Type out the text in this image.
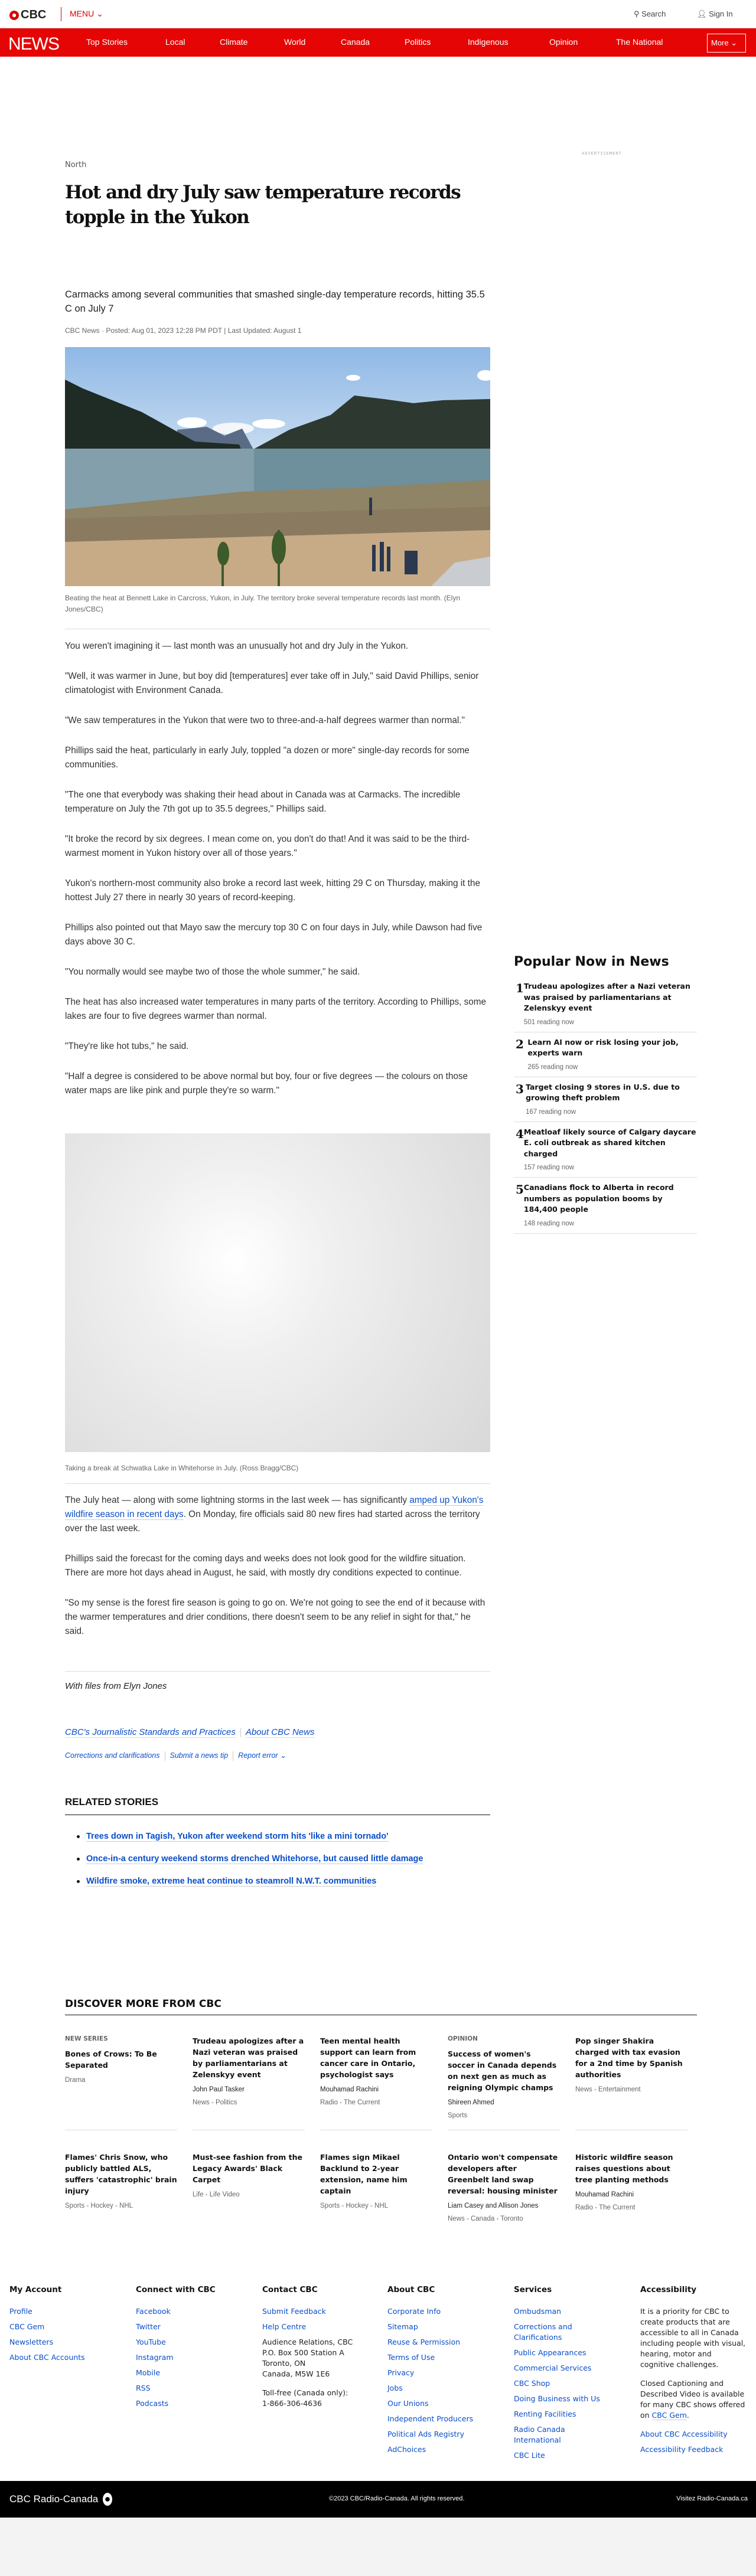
CBC	MENU ⌄	⚲ Search	👤︎ Sign In
NEWS	Top Stories	Local	Climate	World	Canada	Politics	Indigenous	Opinion	The National	More ⌄
ADVERTISEMENT
North
Hot and dry July saw temperature records topple in the Yukon
Carmacks among several communities that smashed single-day temperature records, hitting 35.5 C on July 7
CBC News · Posted: Aug 01, 2023 12:28 PM PDT | Last Updated: August 1
Beating the heat at Bennett Lake in Carcross, Yukon, in July. The territory broke several temperature records last month. (Elyn Jones/CBC)

You weren't imagining it — last month was an unusually hot and dry July in the Yukon.

"Well, it was warmer in June, but boy did [temperatures] ever take off in July," said David Phillips, senior climatologist with Environment Canada.

"We saw temperatures in the Yukon that were two to three-and-a-half degrees warmer than normal."

Phillips said the heat, particularly in early July, toppled "a dozen or more" single-day records for some communities.

"The one that everybody was shaking their head about in Canada was at Carmacks. The incredible temperature on July the 7th got up to 35.5 degrees," Phillips said.

"It broke the record by six degrees. I mean come on, you don't do that! And it was said to be the third-warmest moment in Yukon history over all of those years."

Yukon's northern-most community also broke a record last week, hitting 29 C on Thursday, making it the hottest July 27 there in nearly 30 years of record-keeping.

Phillips also pointed out that Mayo saw the mercury top 30 C on four days in July, while Dawson had five days above 30 C.

"You normally would see maybe two of those the whole summer," he said.

The heat has also increased water temperatures in many parts of the territory. According to Phillips, some lakes are four to five degrees warmer than normal.

"They're like hot tubs," he said.

"Half a degree is considered to be above normal but boy, four or five degrees — the colours on those water maps are like pink and purple they're so warm."

Taking a break at Schwatka Lake in Whitehorse in July. (Ross Bragg/CBC)

The July heat — along with some lightning storms in the last week — has significantly amped up Yukon's wildfire season in recent days. On Monday, fire officials said 80 new fires had started across the territory over the last week.

Phillips said the forecast for the coming days and weeks does not look good for the wildfire situation. There are more hot days ahead in August, he said, with mostly dry conditions expected to continue.

"So my sense is the forest fire season is going to go on. We're not going to see the end of it because with the warmer temperatures and drier conditions, there doesn't seem to be any relief in sight for that," he said.

With files from Elyn Jones
CBC's Journalistic Standards and Practices About CBC News
Corrections and clarifications Submit a news tip Report error ⌄
RELATED STORIES
Trees down in Tagish, Yukon after weekend storm hits 'like a mini tornado'
Once-in-a century weekend storms drenched Whitehorse, but caused little damage
Wildfire smoke, extreme heat continue to steamroll N.W.T. communities
Popular Now in News
1 Trudeau apologizes after a Nazi veteran was praised by parliamentarians at Zelenskyy event
501 reading now
2 Learn AI now or risk losing your job, experts warn
265 reading now
3 Target closing 9 stores in U.S. due to growing theft problem
167 reading now
4 Meatloaf likely source of Calgary daycare E. coli outbreak as shared kitchen charged
157 reading now
5 Canadians flock to Alberta in record numbers as population booms by 184,400 people
148 reading now
DISCOVER MORE FROM CBC
NEW SERIES
Bones of Crows: To Be Separated
Drama
Trudeau apologizes after a Nazi veteran was praised by parliamentarians at Zelenskyy event
John Paul Tasker
News - Politics
Teen mental health support can learn from cancer care in Ontario, psychologist says
Mouhamad Rachini
Radio - The Current
OPINION
Success of women's soccer in Canada depends on next gen as much as reigning Olympic champs
Shireen Ahmed
Sports
Pop singer Shakira charged with tax evasion for a 2nd time by Spanish authorities
News - Entertainment
Flames' Chris Snow, who publicly battled ALS, suffers 'catastrophic' brain injury
Sports - Hockey - NHL
Must-see fashion from the Legacy Awards' Black Carpet
Life - Life Video
Flames sign Mikael Backlund to 2-year extension, name him captain
Sports - Hockey - NHL
Ontario won't compensate developers after Greenbelt land swap reversal: housing minister
Liam Casey and Allison Jones
News - Canada - Toronto
Historic wildfire season raises questions about tree planting methods
Mouhamad Rachini
Radio - The Current
My Account
Profile
CBC Gem
Newsletters
About CBC Accounts
Connect with CBC
Facebook
Twitter
YouTube
Instagram
Mobile
RSS
Podcasts
Contact CBC
Submit Feedback
Help Centre

Audience Relations, CBC
P.O. Box 500 Station A
Toronto, ON
Canada, M5W 1E6

Toll-free (Canada only):
1-866-306-4636

About CBC
Corporate Info
Sitemap
Reuse & Permission
Terms of Use
Privacy
Jobs
Our Unions
Independent Producers
Political Ads Registry
AdChoices
Services
Ombudsman
Corrections and Clarifications
Public Appearances
Commercial Services
CBC Shop
Doing Business with Us
Renting Facilities
Radio Canada International
CBC Lite
Accessibility

It is a priority for CBC to create products that are accessible to all in Canada including people with visual, hearing, motor and cognitive challenges.

Closed Captioning and Described Video is available for many CBC shows offered on CBC Gem.

About CBC Accessibility
Accessibility Feedback
CBC Radio-Canada	©2023 CBC/Radio-Canada. All rights reserved.	Visitez Radio-Canada.ca
